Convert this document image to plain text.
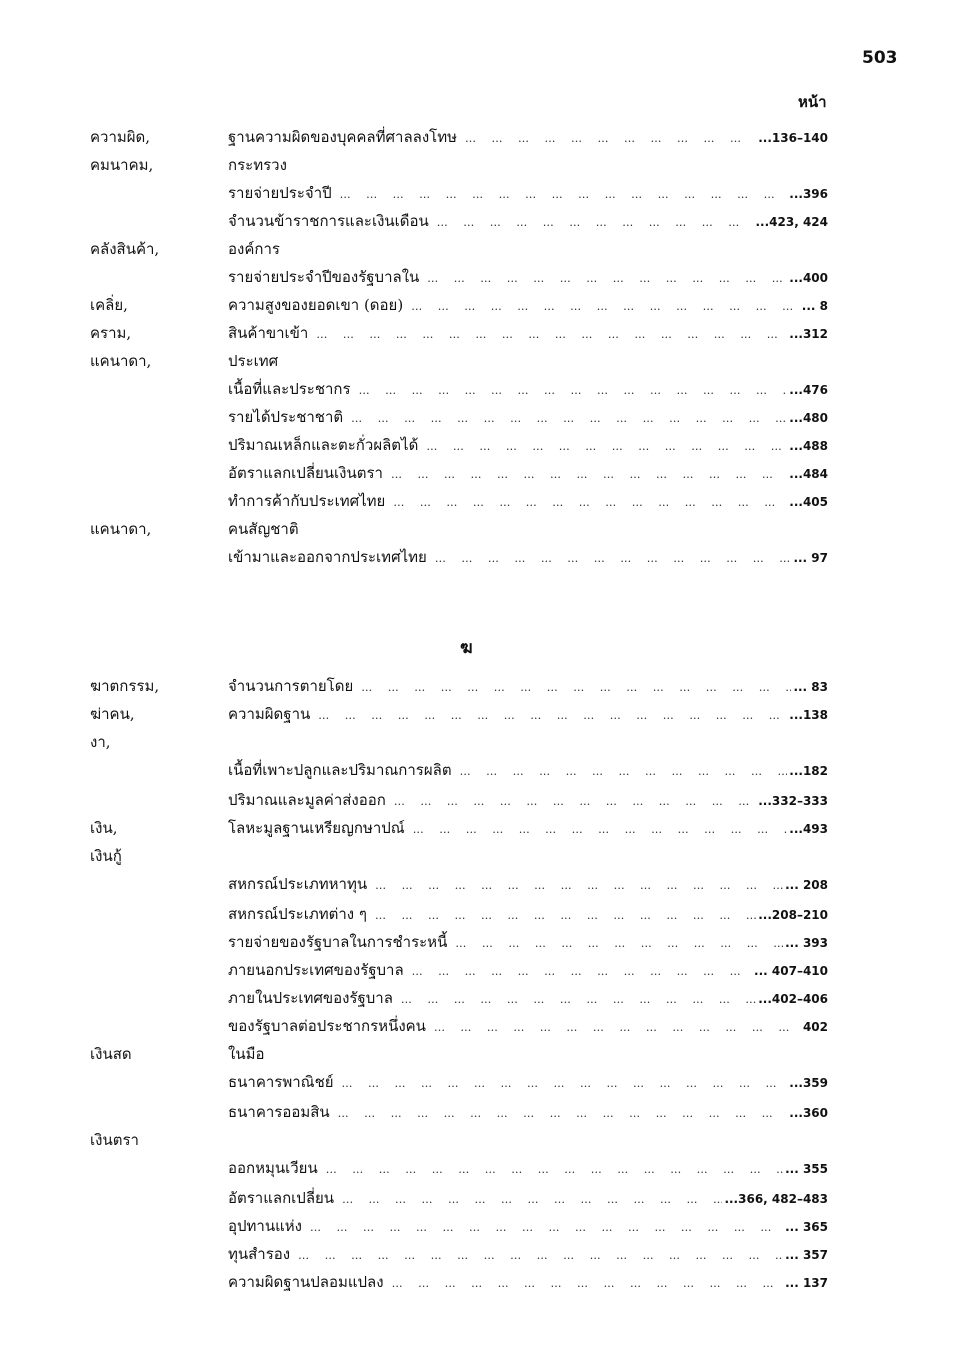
503
หน้า
ความผิด,	ฐานความผิดของบุคคลที่ศาลลงโทษ … … … … … … … … … … … … … … … … … … … … … … … … … … … … … … … … … … …	...136–140
คมนาคม,	กระทรวง
รายจ่ายประจำปี … … … … … … … … … … … … … … … … … … … … … … … … … … … … … … … … … … …	...396
จำนวนข้าราชการและเงินเดือน … … … … … … … … … … … … … … … … … … … … … … … … … … … … … … … … … … …	...423, 424
คลังสินค้า,	องค์การ
รายจ่ายประจำปีของรัฐบาลใน … … … … … … … … … … … … … … … … … … … … … … … … … … … … … … … … … … …	...400
เคลิ่ย,	ความสูงของยอดเขา (ดอย) … … … … … … … … … … … … … … … … … … … … … … … … … … … … … … … … … … …	... 8
คราม,	สินค้าขาเข้า … … … … … … … … … … … … … … … … … … … … … … … … … … … … … … … … … … …	...312
แคนาดา,	ประเทศ
เนื้อที่และประชากร … … … … … … … … … … … … … … … … … … … … … … … … … … … … … … … … … … …	...476
รายได้ประชาชาติ … … … … … … … … … … … … … … … … … … … … … … … … … … … … … … … … … … …	...480
ปริมาณเหล็กและตะกั่วผลิตได้ … … … … … … … … … … … … … … … … … … … … … … … … … … … … … … … … … … …	...488
อัตราแลกเปลี่ยนเงินตรา … … … … … … … … … … … … … … … … … … … … … … … … … … … … … … … … … … …	...484
ทำการค้ากับประเทศไทย … … … … … … … … … … … … … … … … … … … … … … … … … … … … … … … … … … …	...405
แคนาดา,	คนสัญชาติ
เข้ามาและออกจากประเทศไทย … … … … … … … … … … … … … … … … … … … … … … … … … … … … … … … … … … …	... 97
ฆ
ฆาตกรรม,	จำนวนการตายโดย … … … … … … … … … … … … … … … … … … … … … … … … … … … … … … … … … … …	... 83
ฆ่าคน,	ความผิดฐาน … … … … … … … … … … … … … … … … … … … … … … … … … … … … … … … … … … …	...138
งา,
เนื้อที่เพาะปลูกและปริมาณการผลิต … … … … … … … … … … … … … … … … … … … … … … … … … … … … … … … … … … …	...182
ปริมาณและมูลค่าส่งออก … … … … … … … … … … … … … … … … … … … … … … … … … … … … … … … … … … …	...332–333
เงิน,	โลหะมูลฐานเหรียญกษาปณ์ … … … … … … … … … … … … … … … … … … … … … … … … … … … … … … … … … … …	...493
เงินกู้
สหกรณ์ประเภทหาทุน … … … … … … … … … … … … … … … … … … … … … … … … … … … … … … … … … … …	... 208
สหกรณ์ประเภทต่าง ๆ … … … … … … … … … … … … … … … … … … … … … … … … … … … … … … … … … … …	...208–210
รายจ่ายของรัฐบาลในการชำระหนี้ … … … … … … … … … … … … … … … … … … … … … … … … … … … … … … … … … … …	... 393
ภายนอกประเทศของรัฐบาล … … … … … … … … … … … … … … … … … … … … … … … … … … … … … … … … … … …	... 407–410
ภายในประเทศของรัฐบาล … … … … … … … … … … … … … … … … … … … … … … … … … … … … … … … … … … …	...402–406
ของรัฐบาลต่อประชากรหนึ่งคน … … … … … … … … … … … … … … … … … … … … … … … … … … … … … … … … … … …	402
เงินสด	ในมือ
ธนาคารพาณิชย์ … … … … … … … … … … … … … … … … … … … … … … … … … … … … … … … … … … …	...359
ธนาคารออมสิน … … … … … … … … … … … … … … … … … … … … … … … … … … … … … … … … … … …	...360
เงินตรา
ออกหมุนเวียน … … … … … … … … … … … … … … … … … … … … … … … … … … … … … … … … … … …	... 355
อัตราแลกเปลี่ยน … … … … … … … … … … … … … … … … … … … … … … … … … … … … … … … … … … …	...366, 482–483
อุปทานแห่ง … … … … … … … … … … … … … … … … … … … … … … … … … … … … … … … … … … …	... 365
ทุนสำรอง … … … … … … … … … … … … … … … … … … … … … … … … … … … … … … … … … … …	... 357
ความผิดฐานปลอมแปลง … … … … … … … … … … … … … … … … … … … … … … … … … … … … … … … … … … …	... 137
